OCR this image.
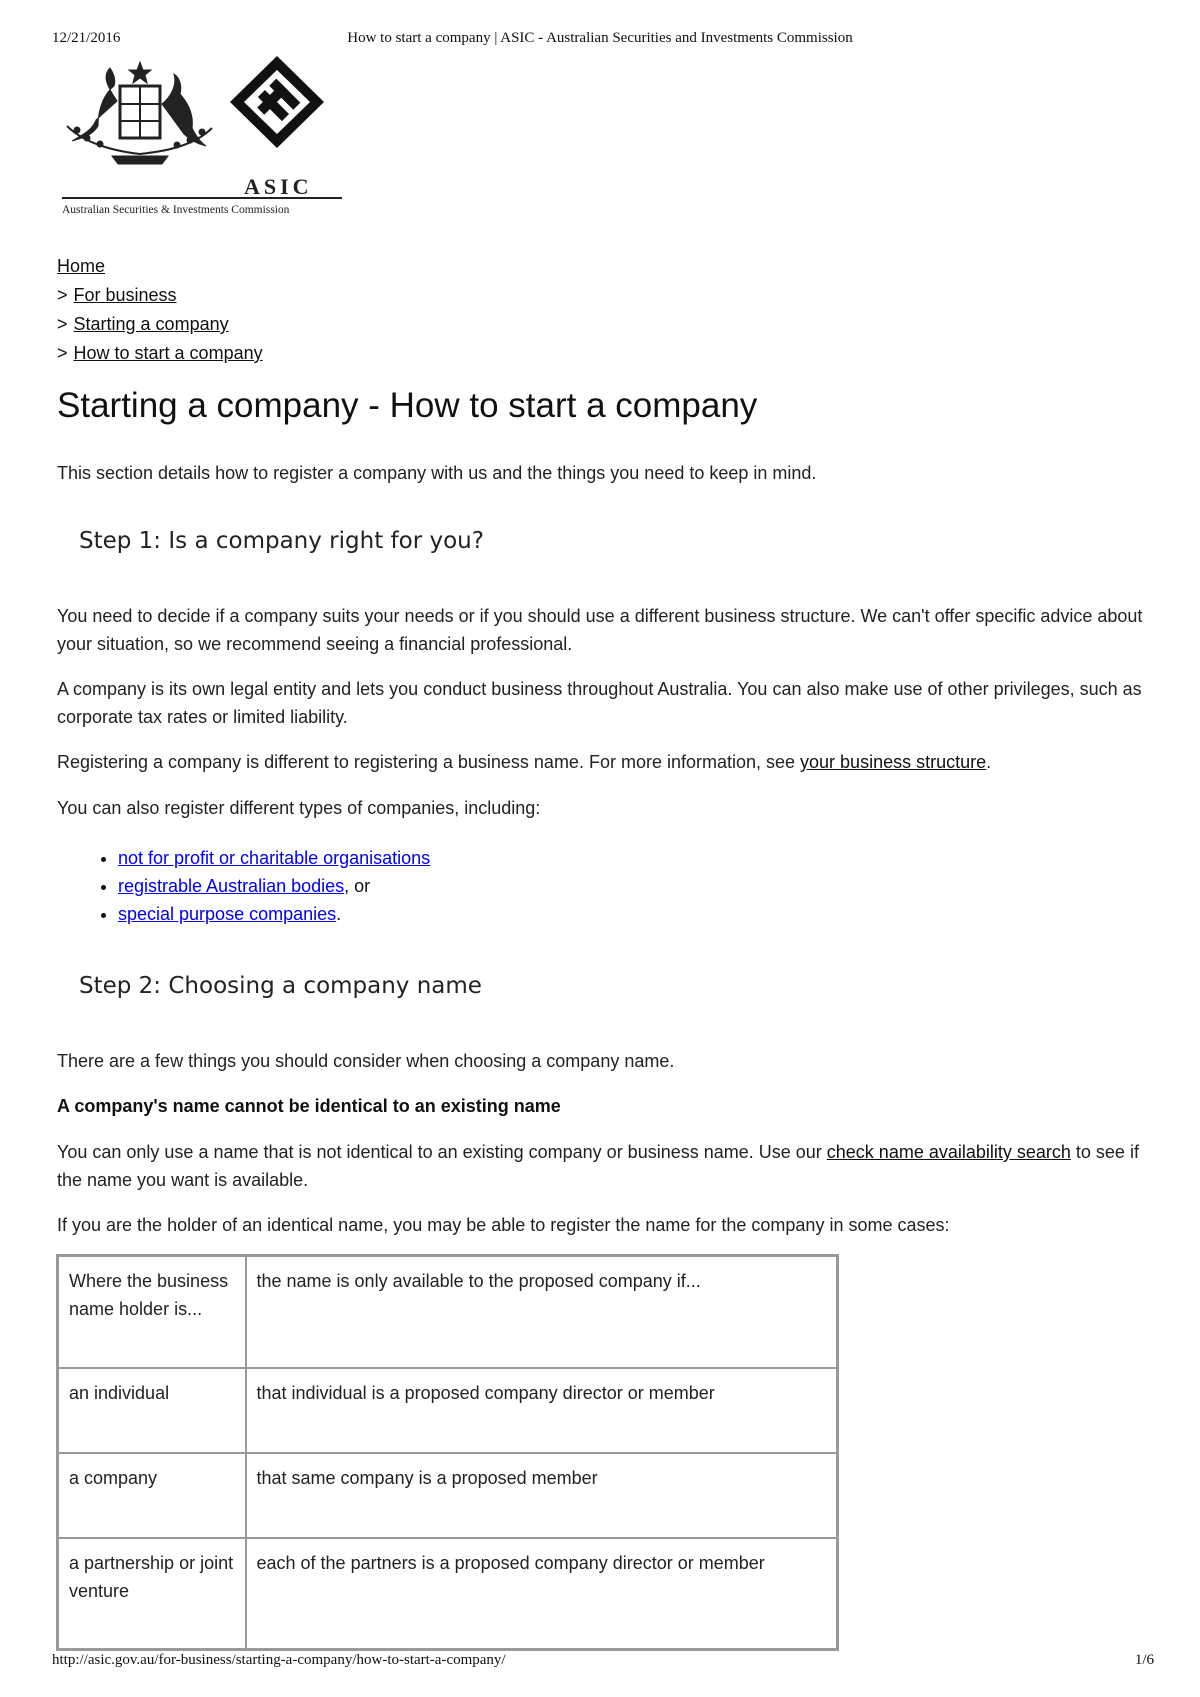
12/21/2016	How to start a company | ASIC - Australian Securities and Investments Commission
ASIC
Australian Securities & Investments Commission
Home
> For business
> Starting a company
> How to start a company
Starting a company - How to start a company

This section details how to register a company with us and the things you need to keep in mind.

Step 1: Is a company right for you?

You need to decide if a company suits your needs or if you should use a different business structure. We can't offer specific advice about your situation, so we recommend seeing a financial professional.

A company is its own legal entity and lets you conduct business throughout Australia. You can also make use of other privileges, such as corporate tax rates or limited liability.

Registering a company is different to registering a business name. For more information, see your business structure.

You can also register different types of companies, including:

• not for profit or charitable organisations
• registrable Australian bodies, or
• special purpose companies.
Step 2: Choosing a company name

There are a few things you should consider when choosing a company name.

A company's name cannot be identical to an existing name

You can only use a name that is not identical to an existing company or business name. Use our check name availability search to see if the name you want is available.

If you are the holder of an identical name, you may be able to register the name for the company in some cases:

Where the business name holder is...	the name is only available to the proposed company if...
an individual	that individual is a proposed company director or member
a company	that same company is a proposed member
a partnership or joint venture	each of the partners is a proposed company director or member
http://asic.gov.au/for-business/starting-a-company/how-to-start-a-company/	1/6
